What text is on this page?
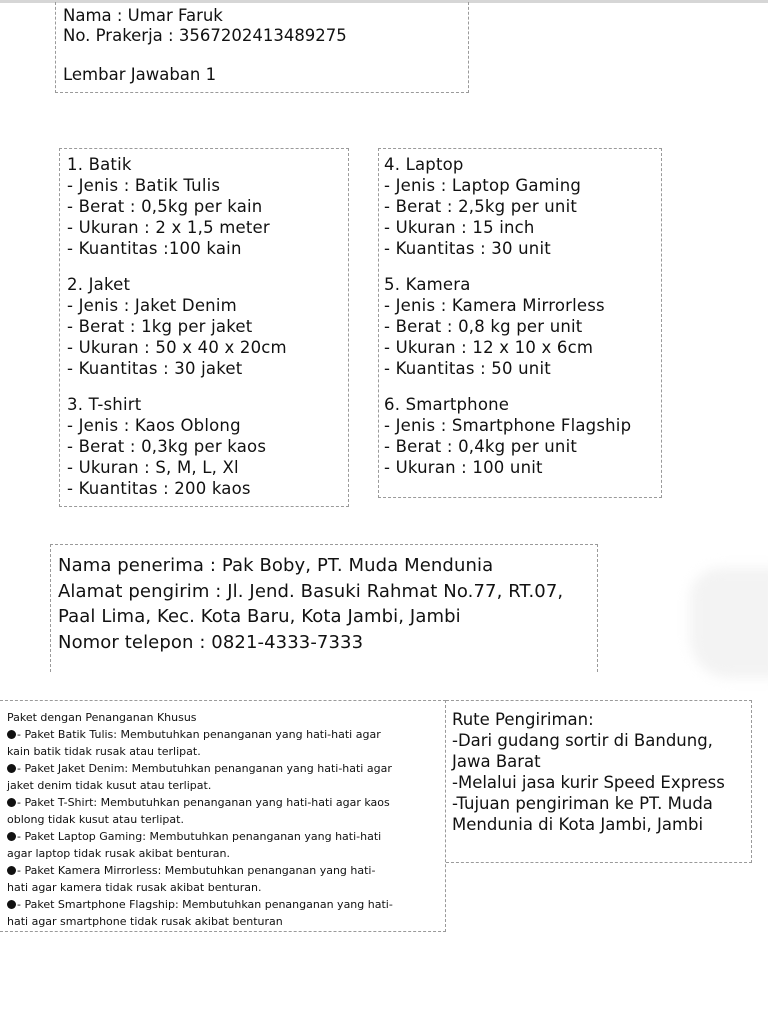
Nama : Umar Faruk
No. Prakerja : 3567202413489275
Lembar Jawaban 1
1. Batik
- Jenis : Batik Tulis
- Berat : 0,5kg per kain
- Ukuran : 2 x 1,5 meter
- Kuantitas :100 kain
2. Jaket
- Jenis : Jaket Denim
- Berat : 1kg per jaket
- Ukuran : 50 x 40 x 20cm
- Kuantitas : 30 jaket
3. T-shirt
- Jenis : Kaos Oblong
- Berat : 0,3kg per kaos
- Ukuran : S, M, L, Xl
- Kuantitas : 200 kaos
4. Laptop
- Jenis : Laptop Gaming
- Berat : 2,5kg per unit
- Ukuran : 15 inch
- Kuantitas : 30 unit
5. Kamera
- Jenis : Kamera Mirrorless
- Berat : 0,8 kg per unit
- Ukuran : 12 x 10 x 6cm
- Kuantitas : 50 unit
6. Smartphone
- Jenis : Smartphone Flagship
- Berat : 0,4kg per unit
- Ukuran : 100 unit
Nama penerima : Pak Boby, PT. Muda Mendunia
Alamat pengirim : Jl. Jend. Basuki Rahmat No.77, RT.07,
Paal Lima, Kec. Kota Baru, Kota Jambi, Jambi
Nomor telepon : 0821-4333-7333
Paket dengan Penanganan Khusus
- Paket Batik Tulis: Membutuhkan penanganan yang hati-hati agar
kain batik tidak rusak atau terlipat.
- Paket Jaket Denim: Membutuhkan penanganan yang hati-hati agar
jaket denim tidak kusut atau terlipat.
- Paket T-Shirt: Membutuhkan penanganan yang hati-hati agar kaos
oblong tidak kusut atau terlipat.
- Paket Laptop Gaming: Membutuhkan penanganan yang hati-hati
agar laptop tidak rusak akibat benturan.
- Paket Kamera Mirrorless: Membutuhkan penanganan yang hati-
hati agar kamera tidak rusak akibat benturan.
- Paket Smartphone Flagship: Membutuhkan penanganan yang hati-
hati agar smartphone tidak rusak akibat benturan
Rute Pengiriman:
-Dari gudang sortir di Bandung,
Jawa Barat
-Melalui jasa kurir Speed Express
-Tujuan pengiriman ke PT. Muda
Mendunia di Kota Jambi, Jambi
